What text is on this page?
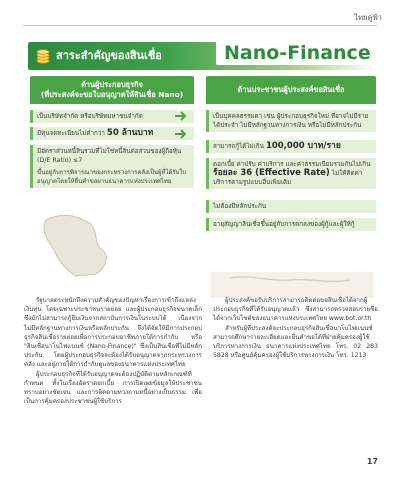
ไทยคู่ฟ้า
สาระสำคัญของสินเชื่อ	Nano-Finance
ด้านผู้ประกอบธุรกิจ
(ที่ประสงค์จะขอใบอนุญาตให้สินเชื่อ Nano)
เป็นบริษัทจำกัด หรือบริษัทมหาชนจำกัด
มีทุนจดทะเบียนไม่ต่ำกว่า 50 ล้านบาท
มีอัตราส่วนหนี้สินรวมที่ไม่ใช่หนี้สินต่อส่วนของผู้ถือหุ้น (D/E Ratio) ≤7
ขึ้นอยู่กับการพิจารณาของกระทรวงการคลังเป็นผู้ที่ได้รับใบอนุญาตโดยให้ยื่นคำขอผ่านธนาคารแห่งประเทศไทย
ด้านประชาชนผู้ประสงค์ขอสินเชื่อ
เป็นบุคคลธรรมดา เช่น ผู้ประกอบธุรกิจใหม่ ที่อาจไม่มีรายได้ประจำ ไม่มีหลักฐานทางการเงิน หรือไม่มีหลักประกัน
สามารถกู้ได้ไม่เกิน 100,000 บาท/ราย
ดอกเบี้ย ค่าปรับ ค่าบริการ และค่าธรรมเนียมรวมกันไม่เกิน ร้อยละ 36 (Effective Rate) ไม่ให้คิดค่าบริการตามรูปแบบอื่นเพิ่มเติม
ไม่ต้องมีหลักประกัน
อายุสัญญาสินเชื่อขึ้นอยู่กับการตกลงของผู้กู้และผู้ให้กู้

รัฐบาลตระหนักถึงความสำคัญของปัญหาเรื่องการเข้าถึงแหล่งเงินทุน โดยเฉพาะประชาชนรายย่อย และผู้ประกอบธุรกิจขนาดเล็ก ซึ่งมักไม่สามารถกู้ยืมเงินจากสถาบันการเงินในระบบได้ เนื่องจากไม่มีหลักฐานทางการเงินหรือหลักประกัน จึงได้จัดให้มีการประกอบธุรกิจสินเชื่อรายย่อยเพื่อการประกอบอาชีพภายใต้การกำกับ หรือ "สินเชื่อนาโนไฟแนนซ์ (Nano-Finance)" ซึ่งเป็นสินเชื่อที่ไม่มีหลักประกัน โดยผู้ประกอบธุรกิจจะต้องได้รับอนุญาตจากกระทรวงการคลัง และอยู่ภายใต้การกำกับดูแลของธนาคารแห่งประเทศไทย

ผู้ประกอบธุรกิจที่ได้รับอนุญาตจะต้องปฏิบัติตามหลักเกณฑ์ที่กำหนด ทั้งในเรื่องอัตราดอกเบี้ย การเปิดเผยข้อมูลให้ประชาชนทราบอย่างชัดเจน และการติดตามทวงถามหนี้อย่างเป็นธรรม เพื่อเป็นการคุ้มครองประชาชนผู้ใช้บริการ

ผู้ประสงค์ขอรับบริการสามารถติดต่อขอสินเชื่อได้จากผู้ประกอบธุรกิจที่ได้รับอนุญาตแล้ว ซึ่งสามารถตรวจสอบรายชื่อได้จากเว็บไซต์ของธนาคารแห่งประเทศไทย www.bot.or.th

สำหรับผู้ที่ประสงค์จะประกอบธุรกิจสินเชื่อนาโนไฟแนนซ์ สามารถศึกษารายละเอียดและยื่นคำขอได้ที่ฝ่ายคุ้มครองผู้ใช้บริการทางการเงิน ธนาคารแห่งประเทศไทย โทร. 02 283 5828 หรือศูนย์คุ้มครองผู้ใช้บริการทางการเงิน โทร. 1213

17
